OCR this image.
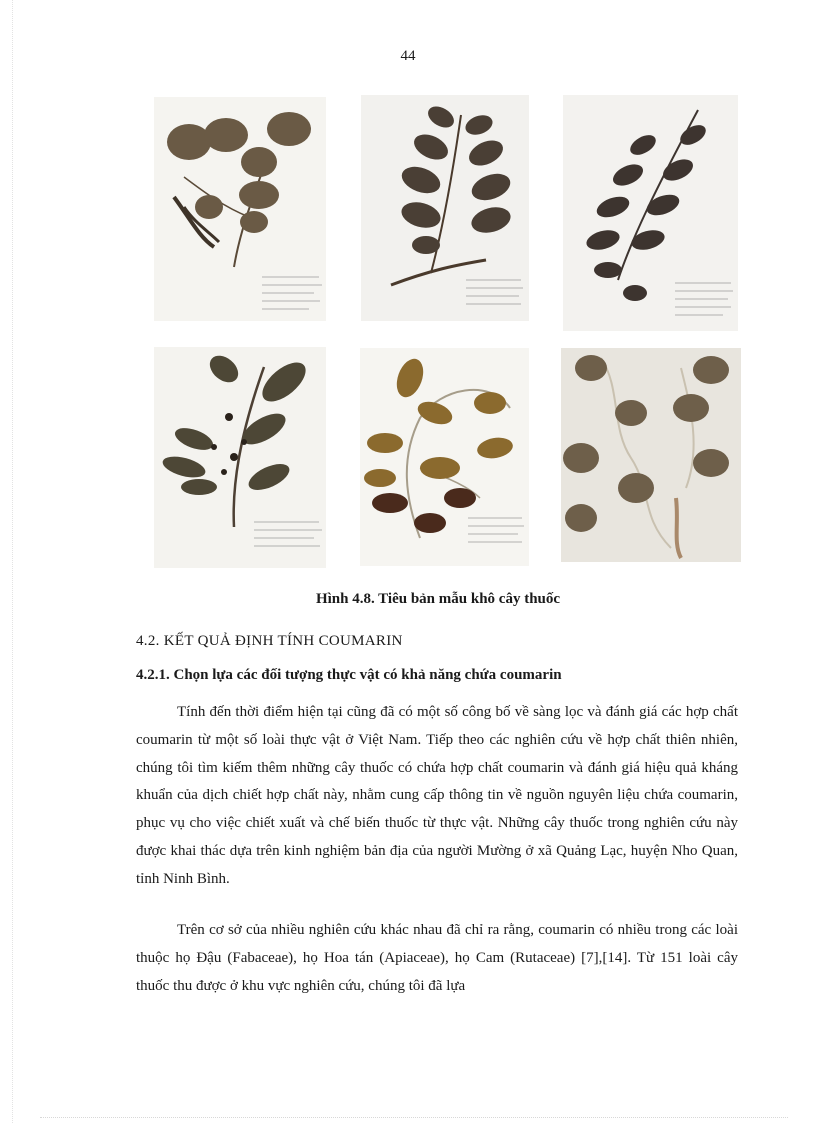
44
Hình 4.8. Tiêu bản mẫu khô cây thuốc
4.2. KẾT QUẢ ĐỊNH TÍNH COUMARIN
4.2.1. Chọn lựa các đối tượng thực vật có khả năng chứa coumarin

Tính đến thời điểm hiện tại cũng đã có một số công bố về sàng lọc và đánh giá các hợp chất coumarin từ một số loài thực vật ở Việt Nam. Tiếp theo các nghiên cứu về hợp chất thiên nhiên, chúng tôi tìm kiếm thêm những cây thuốc có chứa hợp chất coumarin và đánh giá hiệu quả kháng khuẩn của dịch chiết hợp chất này, nhằm cung cấp thông tin về nguồn nguyên liệu chứa coumarin, phục vụ cho việc chiết xuất và chế biến thuốc từ thực vật. Những cây thuốc trong nghiên cứu này được khai thác dựa trên kinh nghiệm bản địa của người Mường ở xã Quảng Lạc, huyện Nho Quan, tỉnh Ninh Bình.

Trên cơ sở của nhiều nghiên cứu khác nhau đã chỉ ra rằng, coumarin có nhiều trong các loài thuộc họ Đậu (Fabaceae), họ Hoa tán (Apiaceae), họ Cam (Rutaceae) [7],[14]. Từ 151 loài cây thuốc thu được ở khu vực nghiên cứu, chúng tôi đã lựa
